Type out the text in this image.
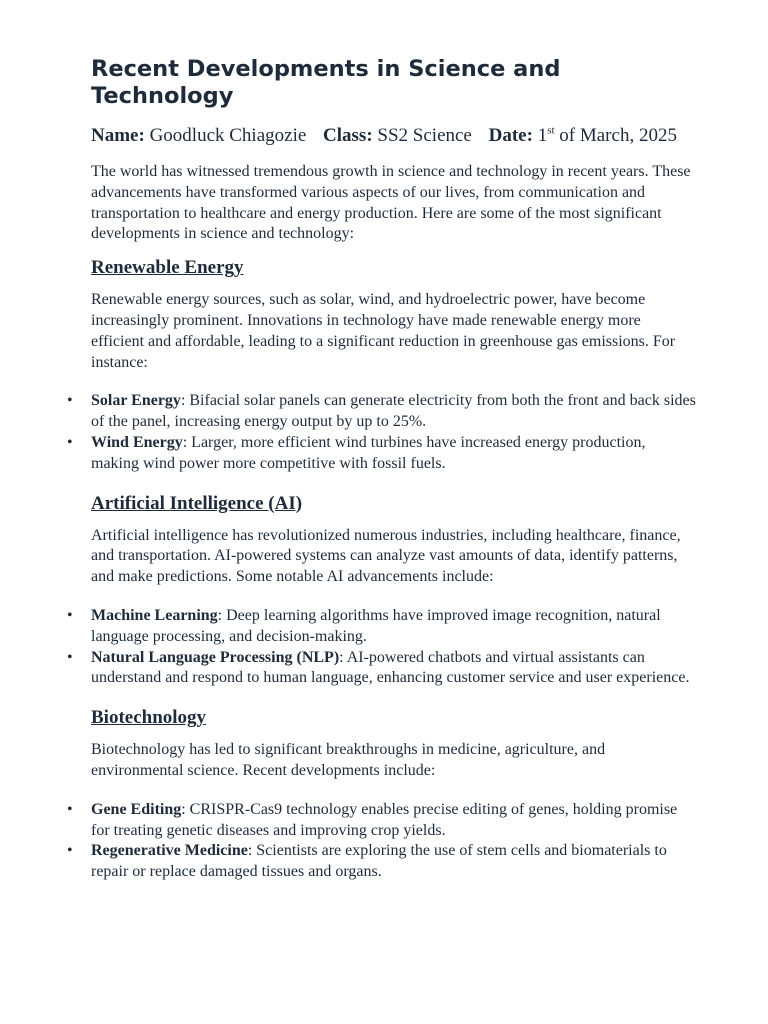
Recent Developments in Science and Technology
Name: Goodluck Chiagozie Class: SS2 Science Date: 1st of March, 2025

The world has witnessed tremendous growth in science and technology in recent years. These advancements have transformed various aspects of our lives, from communication and transportation to healthcare and energy production. Here are some of the most significant developments in science and technology:

Renewable Energy

Renewable energy sources, such as solar, wind, and hydroelectric power, have become increasingly prominent. Innovations in technology have made renewable energy more efficient and affordable, leading to a significant reduction in greenhouse gas emissions. For instance:

• Solar Energy: Bifacial solar panels can generate electricity from both the front and back sides of the panel, increasing energy output by up to 25%.
• Wind Energy: Larger, more efficient wind turbines have increased energy production, making wind power more competitive with fossil fuels.
Artificial Intelligence (AI)

Artificial intelligence has revolutionized numerous industries, including healthcare, finance, and transportation. AI-powered systems can analyze vast amounts of data, identify patterns, and make predictions. Some notable AI advancements include:

• Machine Learning: Deep learning algorithms have improved image recognition, natural language processing, and decision-making.
• Natural Language Processing (NLP): AI-powered chatbots and virtual assistants can understand and respond to human language, enhancing customer service and user experience.
Biotechnology

Biotechnology has led to significant breakthroughs in medicine, agriculture, and environmental science. Recent developments include:

• Gene Editing: CRISPR-Cas9 technology enables precise editing of genes, holding promise for treating genetic diseases and improving crop yields.
• Regenerative Medicine: Scientists are exploring the use of stem cells and biomaterials to repair or replace damaged tissues and organs.
